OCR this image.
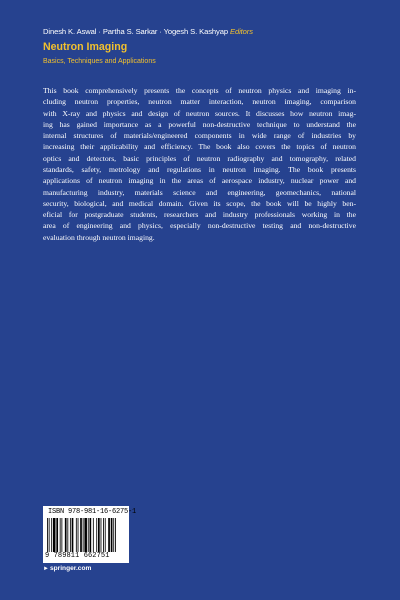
Dinesh K. Aswal · Partha S. Sarkar · Yogesh S. Kashyap Editors
Neutron Imaging
Basics, Techniques and Applications
This book comprehensively presents the concepts of neutron physics and imaging in-
cluding neutron properties, neutron matter interaction, neutron imaging, comparison
with X-ray and physics and design of neutron sources. It discusses how neutron imag-
ing has gained importance as a powerful non-destructive technique to understand the
internal structures of materials/engineered components in wide range of industries by
increasing their applicability and efficiency. The book also covers the topics of neutron
optics and detectors, basic principles of neutron radiography and tomography, related
standards, safety, metrology and regulations in neutron imaging. The book presents
applications of neutron imaging in the areas of aerospace industry, nuclear power and
manufacturing industry, materials science and engineering, geomechanics, national
security, biological, and medical domain. Given its scope, the book will be highly ben-
eficial for postgraduate students, researchers and industry professionals working in the
area of engineering and physics, especially non-destructive testing and non-destructive
evaluation through neutron imaging.
ISBN 978-981-16-6275-1
9 789811 662751
►springer.com
